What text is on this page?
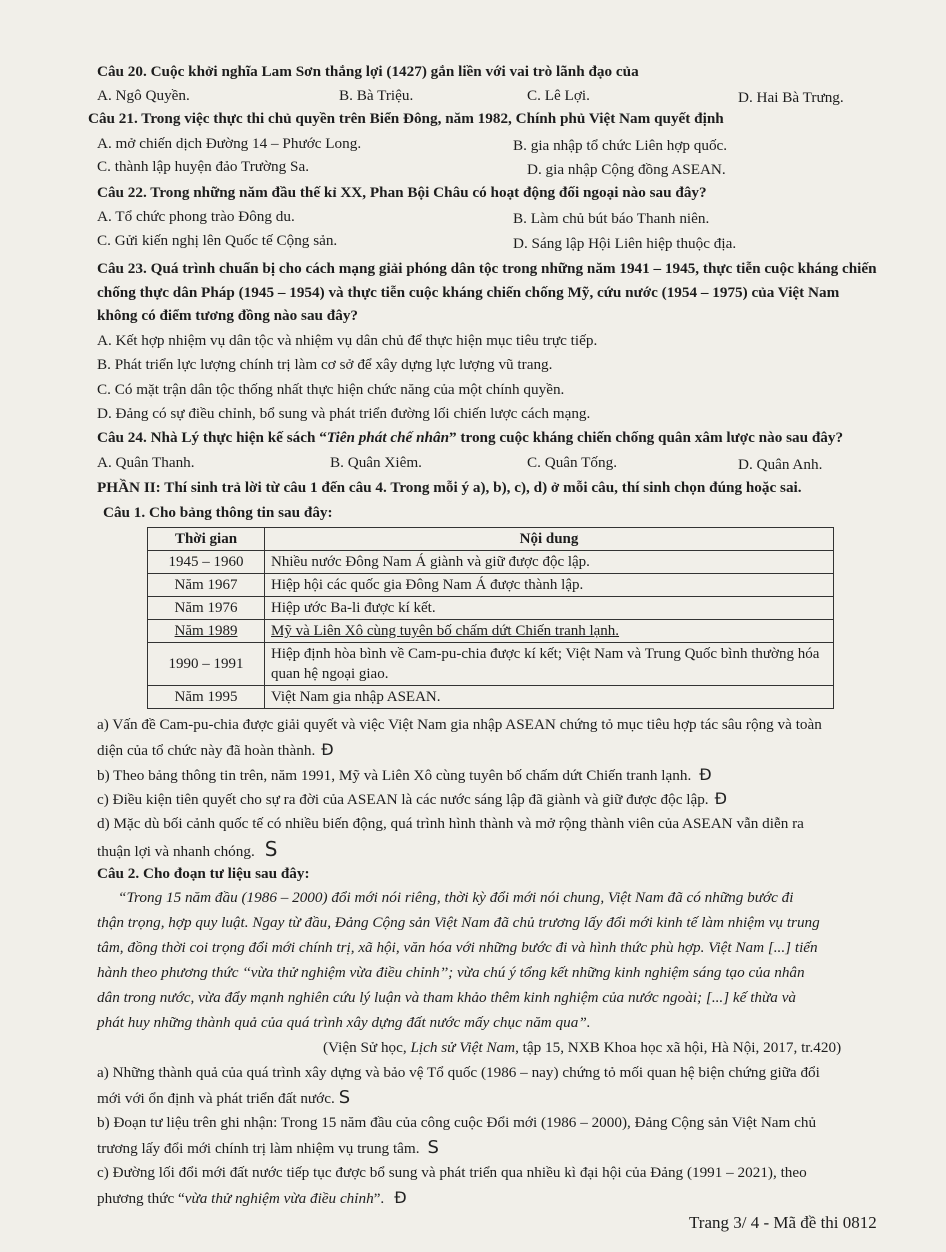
Câu 20. Cuộc khởi nghĩa Lam Sơn thắng lợi (1427) gắn liền với vai trò lãnh đạo của
A. Ngô Quyền.	B. Bà Triệu.	C. Lê Lợi.	D. Hai Bà Trưng.
Câu 21. Trong việc thực thi chủ quyền trên Biển Đông, năm 1982, Chính phủ Việt Nam quyết định
A. mở chiến dịch Đường 14 – Phước Long.	B. gia nhập tổ chức Liên hợp quốc.
C. thành lập huyện đảo Trường Sa.	D. gia nhập Cộng đồng ASEAN.
Câu 22. Trong những năm đầu thế kỉ XX, Phan Bội Châu có hoạt động đối ngoại nào sau đây?
A. Tổ chức phong trào Đông du.	B. Làm chủ bút báo Thanh niên.
C. Gửi kiến nghị lên Quốc tế Cộng sản.	D. Sáng lập Hội Liên hiệp thuộc địa.
Câu 23. Quá trình chuẩn bị cho cách mạng giải phóng dân tộc trong những năm 1941 – 1945, thực tiễn cuộc kháng chiến
chống thực dân Pháp (1945 – 1954) và thực tiễn cuộc kháng chiến chống Mỹ, cứu nước (1954 – 1975) của Việt Nam
không có điểm tương đồng nào sau đây?
A. Kết hợp nhiệm vụ dân tộc và nhiệm vụ dân chủ để thực hiện mục tiêu trực tiếp.
B. Phát triển lực lượng chính trị làm cơ sở để xây dựng lực lượng vũ trang.
C. Có mặt trận dân tộc thống nhất thực hiện chức năng của một chính quyền.
D. Đảng có sự điều chỉnh, bổ sung và phát triển đường lối chiến lược cách mạng.
Câu 24. Nhà Lý thực hiện kế sách “Tiên phát chế nhân” trong cuộc kháng chiến chống quân xâm lược nào sau đây?
A. Quân Thanh.	B. Quân Xiêm.	C. Quân Tống.	D. Quân Anh.
PHẦN II: Thí sinh trả lời từ câu 1 đến câu 4. Trong mỗi ý a), b), c), d) ở mỗi câu, thí sinh chọn đúng hoặc sai.
Câu 1. Cho bảng thông tin sau đây:
Thời gian	Nội dung
1945 – 1960	Nhiều nước Đông Nam Á giành và giữ được độc lập.
Năm 1967	Hiệp hội các quốc gia Đông Nam Á được thành lập.
Năm 1976	Hiệp ước Ba-li được kí kết.
Năm 1989	Mỹ và Liên Xô cùng tuyên bố chấm dứt Chiến tranh lạnh.
1990 – 1991	Hiệp định hòa bình về Cam-pu-chia được kí kết; Việt Nam và Trung Quốc bình thường hóa quan hệ ngoại giao.
Năm 1995	Việt Nam gia nhập ASEAN.
a) Vấn đề Cam-pu-chia được giải quyết và việc Việt Nam gia nhập ASEAN chứng tỏ mục tiêu hợp tác sâu rộng và toàn
diện của tổ chức này đã hoàn thành. Đ
b) Theo bảng thông tin trên, năm 1991, Mỹ và Liên Xô cùng tuyên bố chấm dứt Chiến tranh lạnh. Đ
c) Điều kiện tiên quyết cho sự ra đời của ASEAN là các nước sáng lập đã giành và giữ được độc lập. Đ
d) Mặc dù bối cảnh quốc tế có nhiều biến động, quá trình hình thành và mở rộng thành viên của ASEAN vẫn diễn ra
thuận lợi và nhanh chóng. S
Câu 2. Cho đoạn tư liệu sau đây:
“Trong 15 năm đầu (1986 – 2000) đổi mới nói riêng, thời kỳ đổi mới nói chung, Việt Nam đã có những bước đi
thận trọng, hợp quy luật. Ngay từ đầu, Đảng Cộng sản Việt Nam đã chủ trương lấy đổi mới kinh tế làm nhiệm vụ trung
tâm, đồng thời coi trọng đổi mới chính trị, xã hội, văn hóa với những bước đi và hình thức phù hợp. Việt Nam [...] tiến
hành theo phương thức ‘‘vừa thử nghiệm vừa điều chỉnh’’; vừa chú ý tổng kết những kinh nghiệm sáng tạo của nhân
dân trong nước, vừa đẩy mạnh nghiên cứu lý luận và tham khảo thêm kinh nghiệm của nước ngoài; [...] kế thừa và
phát huy những thành quả của quá trình xây dựng đất nước mấy chục năm qua”.
(Viện Sử học, Lịch sử Việt Nam, tập 15, NXB Khoa học xã hội, Hà Nội, 2017, tr.420)
a) Những thành quả của quá trình xây dựng và bảo vệ Tổ quốc (1986 – nay) chứng tỏ mối quan hệ biện chứng giữa đổi
mới với ổn định và phát triển đất nước. S
b) Đoạn tư liệu trên ghi nhận: Trong 15 năm đầu của công cuộc Đổi mới (1986 – 2000), Đảng Cộng sản Việt Nam chủ
trương lấy đổi mới chính trị làm nhiệm vụ trung tâm. S
c) Đường lối đổi mới đất nước tiếp tục được bổ sung và phát triển qua nhiều kì đại hội của Đảng (1991 – 2021), theo
phương thức “vừa thử nghiệm vừa điều chỉnh”. Đ
Trang 3/ 4 - Mã đề thi 0812
